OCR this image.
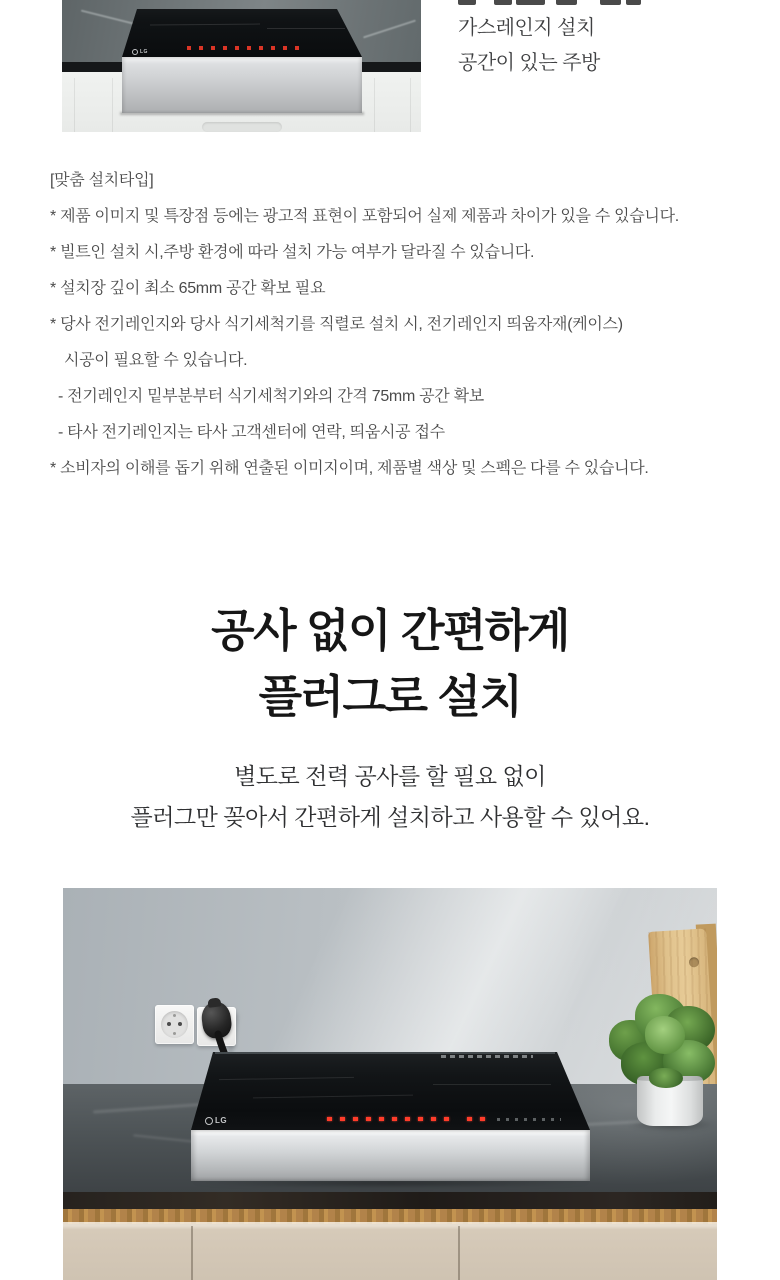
LG
가스레인지 설치
공간이 있는 주방
[맞춤 설치타입]
* 제품 이미지 및 특장점 등에는 광고적 표현이 포함되어 실제 제품과 차이가 있을 수 있습니다.
* 빌트인 설치 시,주방 환경에 따라 설치 가능 여부가 달라질 수 있습니다.
* 설치장 깊이 최소 65mm 공간 확보 필요
* 당사 전기레인지와 당사 식기세척기를 직렬로 설치 시, 전기레인지 띄움자재(케이스)
시공이 필요할 수 있습니다.
- 전기레인지 밑부분부터 식기세척기와의 간격 75mm 공간 확보
- 타사 전기레인지는 타사 고객센터에 연락, 띄움시공 접수
* 소비자의 이해를 돕기 위해 연출된 이미지이며, 제품별 색상 및 스펙은 다를 수 있습니다.
공사 없이 간편하게
플러그로 설치
별도로 전력 공사를 할 필요 없이
플러그만 꽂아서 간편하게 설치하고 사용할 수 있어요.
LG
